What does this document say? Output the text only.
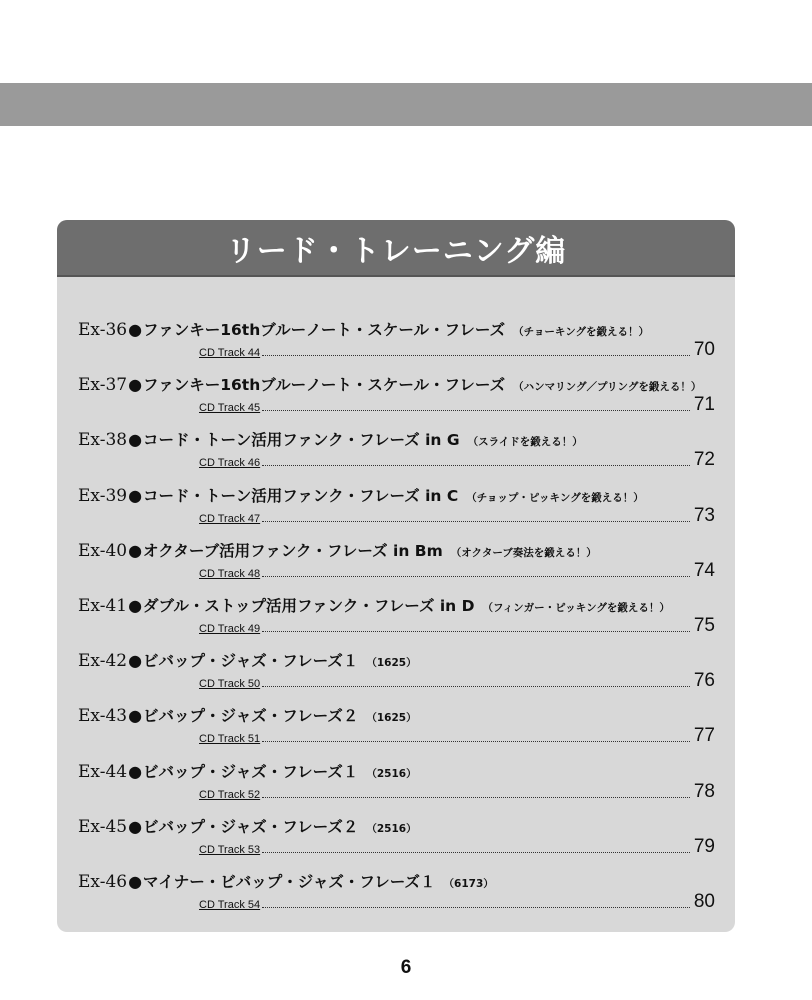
リード・トレーニング編
Ex-36 ● ファンキー16thブルーノート・スケール・フレーズ （チョーキングを鍛える！）
CD Track 44	70
Ex-37 ● ファンキー16thブルーノート・スケール・フレーズ （ハンマリング／プリングを鍛える！）
CD Track 45	71
Ex-38 ● コード・トーン活用ファンク・フレーズ in G （スライドを鍛える！）
CD Track 46	72
Ex-39 ● コード・トーン活用ファンク・フレーズ in C （チョップ・ピッキングを鍛える！）
CD Track 47	73
Ex-40 ● オクターブ活用ファンク・フレーズ in Bm （オクターブ奏法を鍛える！）
CD Track 48	74
Ex-41 ● ダブル・ストップ活用ファンク・フレーズ in D （フィンガー・ピッキングを鍛える！）
CD Track 49	75
Ex-42 ● ビバップ・ジャズ・フレーズ１ （1625）
CD Track 50	76
Ex-43 ● ビバップ・ジャズ・フレーズ２ （1625）
CD Track 51	77
Ex-44 ● ビバップ・ジャズ・フレーズ１ （2516）
CD Track 52	78
Ex-45 ● ビバップ・ジャズ・フレーズ２ （2516）
CD Track 53	79
Ex-46 ● マイナー・ビバップ・ジャズ・フレーズ１ （6173）
CD Track 54	80
6
